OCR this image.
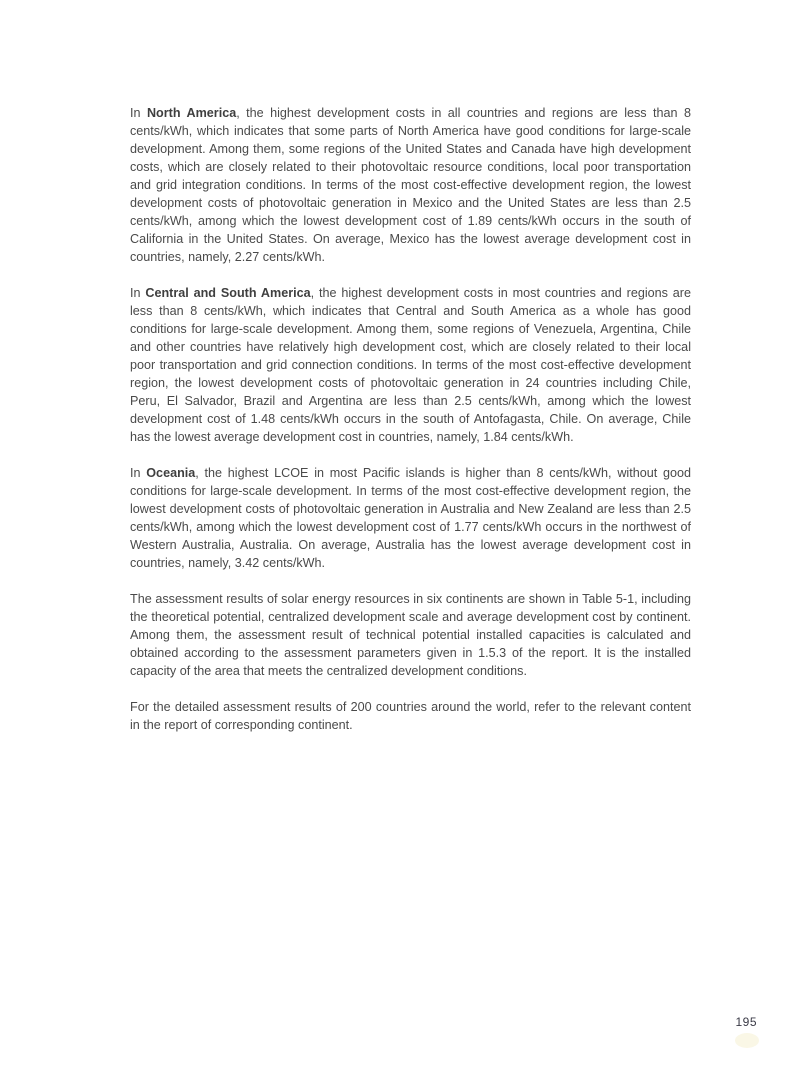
In North America, the highest development costs in all countries and regions are less than 8 cents/kWh, which indicates that some parts of North America have good conditions for large-scale development. Among them, some regions of the United States and Canada have high development costs, which are closely related to their photovoltaic resource conditions, local poor transportation and grid integration conditions. In terms of the most cost-effective development region, the lowest development costs of photovoltaic generation in Mexico and the United States are less than 2.5 cents/kWh, among which the lowest development cost of 1.89 cents/kWh occurs in the south of California in the United States. On average, Mexico has the lowest average development cost in countries, namely, 2.27 cents/kWh.

In Central and South America, the highest development costs in most countries and regions are less than 8 cents/kWh, which indicates that Central and South America as a whole has good conditions for large-scale development. Among them, some regions of Venezuela, Argentina, Chile and other countries have relatively high development cost, which are closely related to their local poor transportation and grid connection conditions. In terms of the most cost-effective development region, the lowest development costs of photovoltaic generation in 24 countries including Chile, Peru, El Salvador, Brazil and Argentina are less than 2.5 cents/kWh, among which the lowest development cost of 1.48 cents/kWh occurs in the south of Antofagasta, Chile. On average, Chile has the lowest average development cost in countries, namely, 1.84 cents/kWh.

In Oceania, the highest LCOE in most Pacific islands is higher than 8 cents/kWh, without good conditions for large-scale development. In terms of the most cost-effective development region, the lowest development costs of photovoltaic generation in Australia and New Zealand are less than 2.5 cents/kWh, among which the lowest development cost of 1.77 cents/kWh occurs in the northwest of Western Australia, Australia. On average, Australia has the lowest average development cost in countries, namely, 3.42 cents/kWh.

The assessment results of solar energy resources in six continents are shown in Table 5-1, including the theoretical potential, centralized development scale and average development cost by continent. Among them, the assessment result of technical potential installed capacities is calculated and obtained according to the assessment parameters given in 1.5.3 of the report. It is the installed capacity of the area that meets the centralized development conditions.

For the detailed assessment results of 200 countries around the world, refer to the relevant content in the report of corresponding continent.

195
